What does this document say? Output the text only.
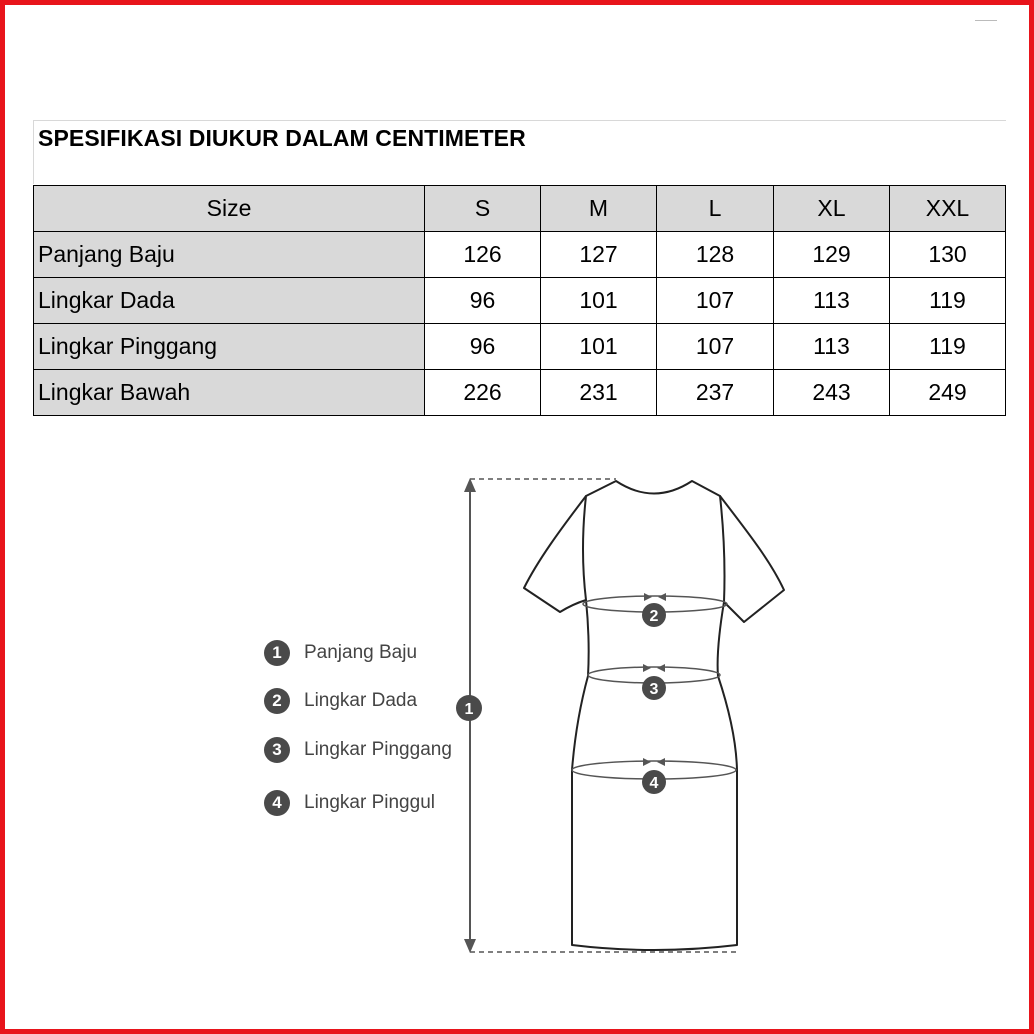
SPESIFIKASI DIUKUR DALAM CENTIMETER
Size	S	M	L	XL	XXL
Panjang Baju	126	127	128	129	130
Lingkar Dada	96	101	107	113	119
Lingkar Pinggang	96	101	107	113	119
Lingkar Bawah	226	231	237	243	249
1	Panjang Baju
2	Lingkar Dada
3	Lingkar Pinggang
4	Lingkar Pinggul
1
2
3
4
